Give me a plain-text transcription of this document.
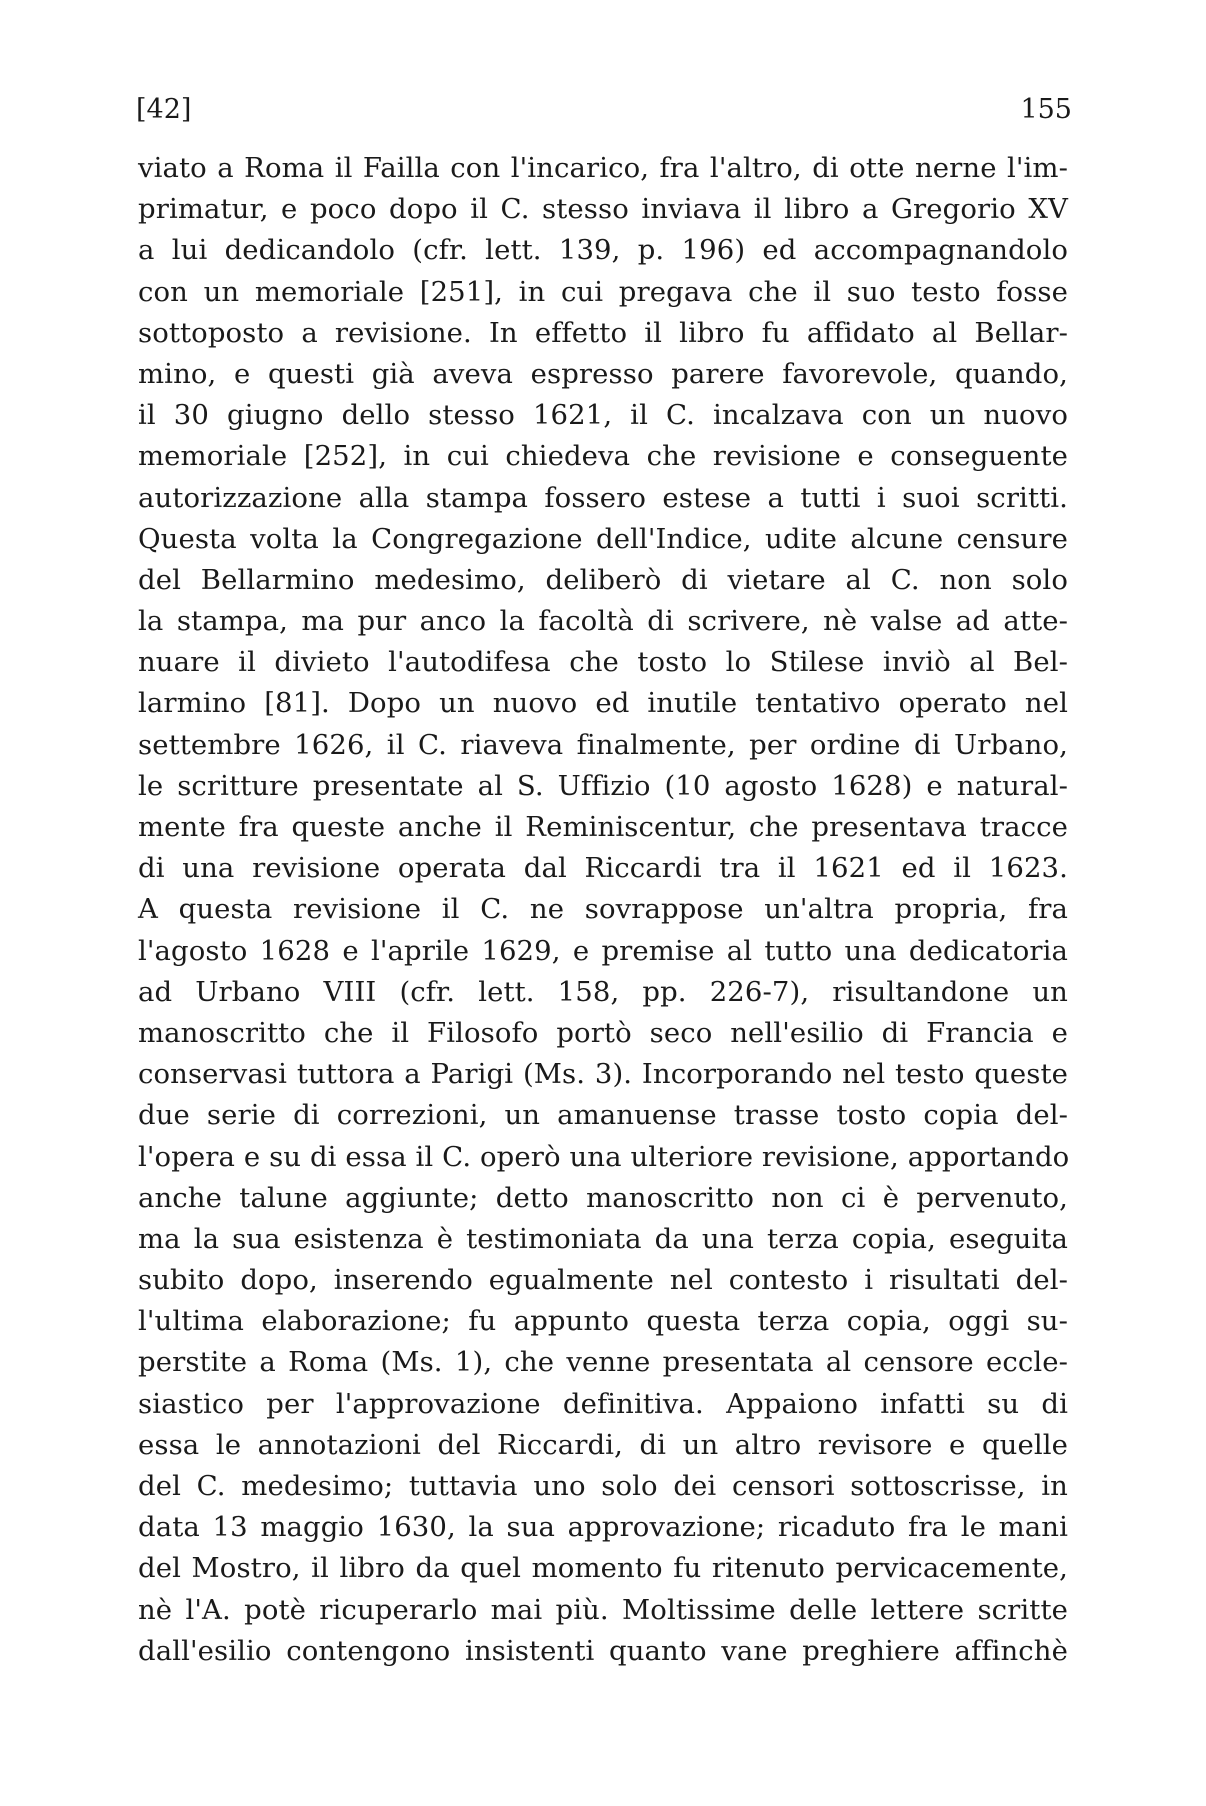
[42]	155
viato a Roma il Failla con l'incarico, fra l'altro, di otte nerne l'im-
primatur, e poco dopo il C. stesso inviava il libro a Gregorio XV
a lui dedicandolo (cfr. lett. 139, p. 196) ed accompagnandolo
con un memoriale [251], in cui pregava che il suo testo fosse
sottoposto a revisione. In effetto il libro fu affidato al Bellar-
mino, e questi già aveva espresso parere favorevole, quando,
il 30 giugno dello stesso 1621, il C. incalzava con un nuovo
memoriale [252], in cui chiedeva che revisione e conseguente
autorizzazione alla stampa fossero estese a tutti i suoi scritti.
Questa volta la Congregazione dell'Indice, udite alcune censure
del Bellarmino medesimo, deliberò di vietare al C. non solo
la stampa, ma pur anco la facoltà di scrivere, nè valse ad atte-
nuare il divieto l'autodifesa che tosto lo Stilese inviò al Bel-
larmino [81]. Dopo un nuovo ed inutile tentativo operato nel
settembre 1626, il C. riaveva finalmente, per ordine di Urbano,
le scritture presentate al S. Uffizio (10 agosto 1628) e natural-
mente fra queste anche il Reminiscentur, che presentava tracce
di una revisione operata dal Riccardi tra il 1621 ed il 1623.
A questa revisione il C. ne sovrappose un'altra propria, fra
l'agosto 1628 e l'aprile 1629, e premise al tutto una dedicatoria
ad Urbano VIII (cfr. lett. 158, pp. 226-7), risultandone un
manoscritto che il Filosofo portò seco nell'esilio di Francia e
conservasi tuttora a Parigi (Ms. 3). Incorporando nel testo queste
due serie di correzioni, un amanuense trasse tosto copia del-
l'opera e su di essa il C. operò una ulteriore revisione, apportando
anche talune aggiunte; detto manoscritto non ci è pervenuto,
ma la sua esistenza è testimoniata da una terza copia, eseguita
subito dopo, inserendo egualmente nel contesto i risultati del-
l'ultima elaborazione; fu appunto questa terza copia, oggi su-
perstite a Roma (Ms. 1), che venne presentata al censore eccle-
siastico per l'approvazione definitiva. Appaiono infatti su di
essa le annotazioni del Riccardi, di un altro revisore e quelle
del C. medesimo; tuttavia uno solo dei censori sottoscrisse, in
data 13 maggio 1630, la sua approvazione; ricaduto fra le mani
del Mostro, il libro da quel momento fu ritenuto pervicacemente,
nè l'A. potè ricuperarlo mai più. Moltissime delle lettere scritte
dall'esilio contengono insistenti quanto vane preghiere affinchè
